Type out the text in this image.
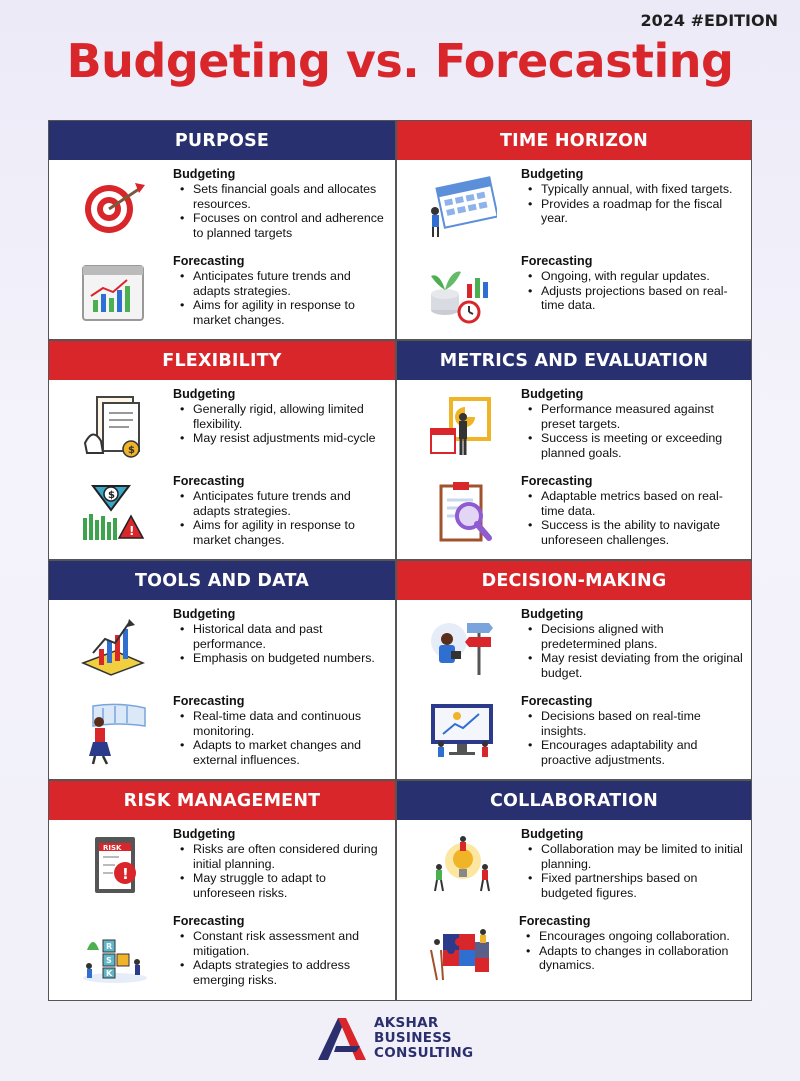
2024 #EDITION
Budgeting vs. Forecasting
PURPOSE
Budgeting
• Sets financial goals and allocates resources.
• Focuses on control and adherence to planned targets
Forecasting
• Anticipates future trends and adapts strategies.
• Aims for agility in response to market changes.
TIME HORIZON
Budgeting
• Typically annual, with fixed targets.
• Provides a roadmap for the fiscal year.
Forecasting
• Ongoing, with regular updates.
• Adjusts projections based on real-time data.
FLEXIBILITY
$
Budgeting
• Generally rigid, allowing limited flexibility.
• May resist adjustments mid-cycle
$
!
Forecasting
• Anticipates future trends and adapts strategies.
• Aims for agility in response to market changes.
METRICS AND EVALUATION
Budgeting
• Performance measured against preset targets.
• Success is meeting or exceeding planned goals.
Forecasting
• Adaptable metrics based on real-time data.
• Success is the ability to navigate unforeseen challenges.
TOOLS AND DATA
Budgeting
• Historical data and past performance.
• Emphasis on budgeted numbers.
Forecasting
• Real-time data and continuous monitoring.
• Adapts to market changes and external influences.
DECISION-MAKING
Budgeting
• Decisions aligned with predetermined plans.
• May resist deviating from the original budget.
Forecasting
• Decisions based on real-time insights.
• Encourages adaptability and proactive adjustments.
RISK MANAGEMENT
RISK
!
Budgeting
• Risks are often considered during initial planning.
• May struggle to adapt to unforeseen risks.
R
S
K
Forecasting
• Constant risk assessment and mitigation.
• Adapts strategies to address emerging risks.
COLLABORATION
Budgeting
• Collaboration may be limited to initial planning.
• Fixed partnerships based on budgeted figures.
Forecasting
• Encourages ongoing collaboration.
• Adapts to changes in collaboration dynamics.
AKSHAR
BUSINESS
CONSULTING
